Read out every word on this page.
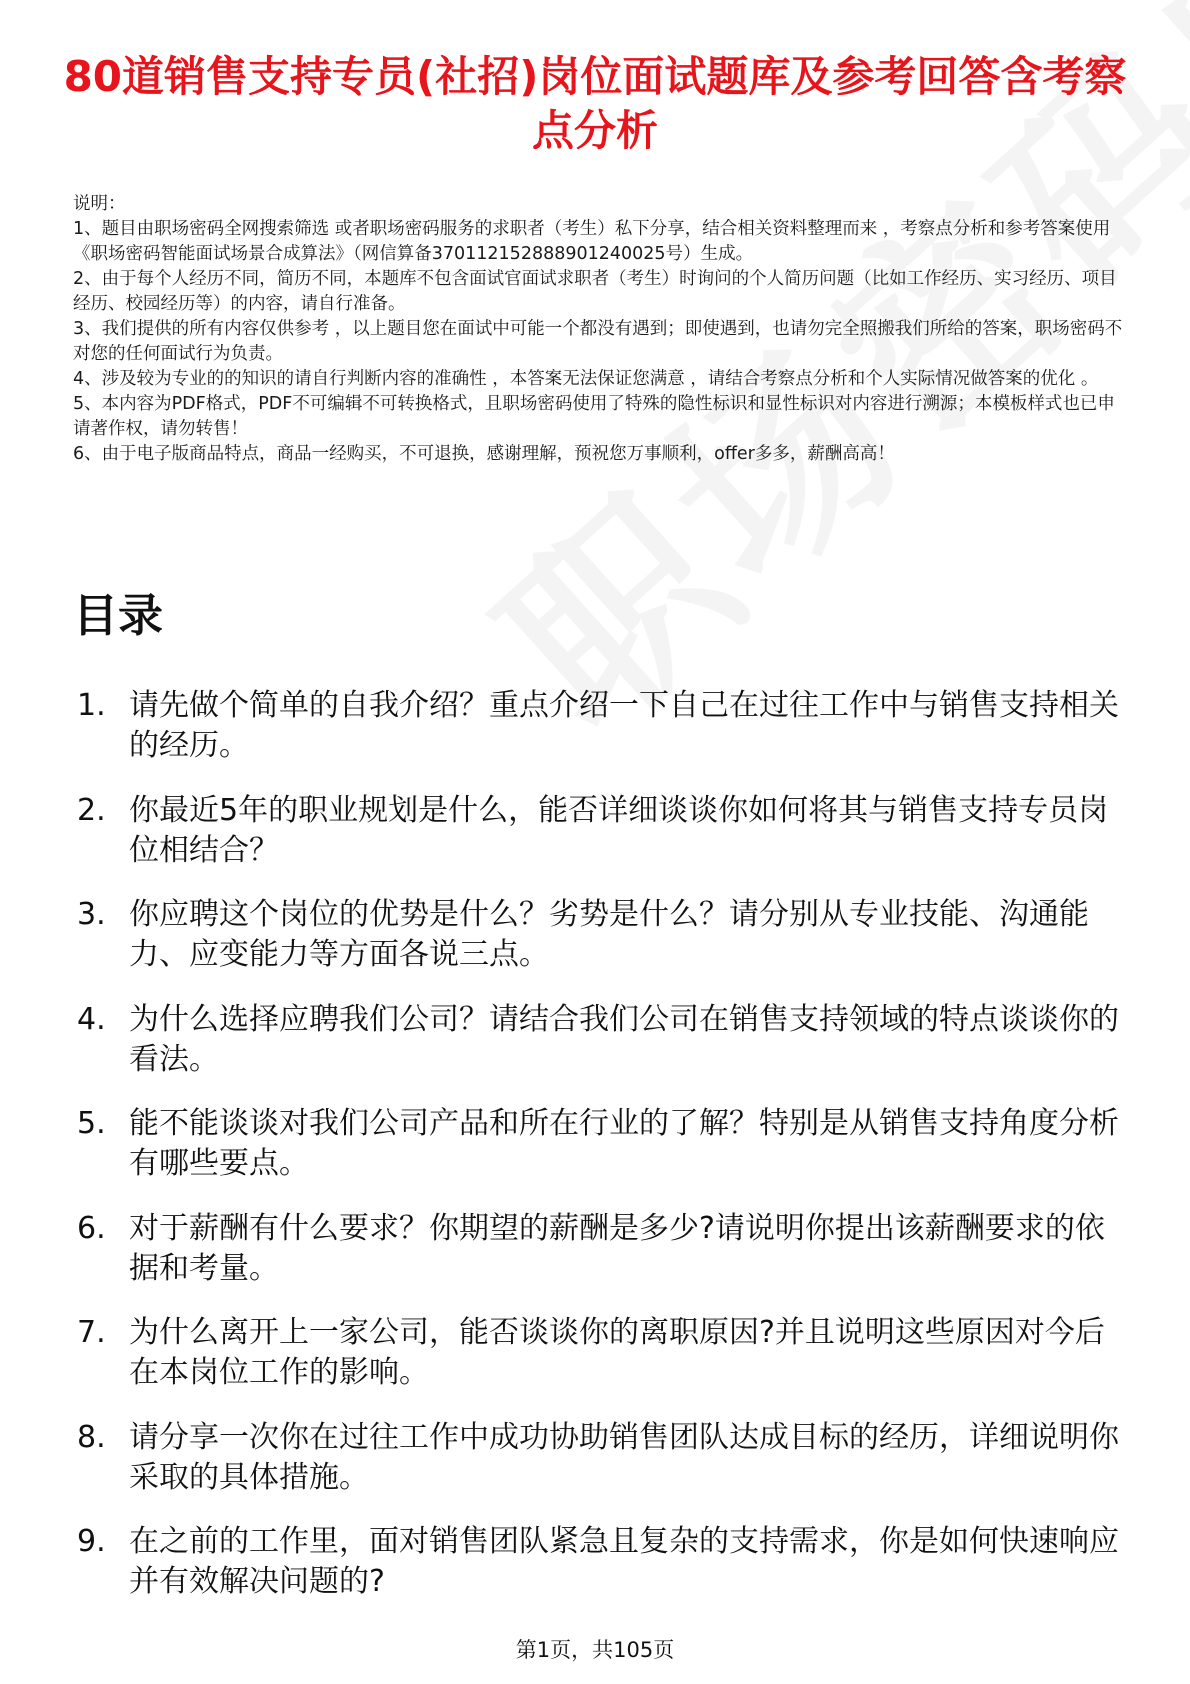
80道销售支持专员(社招)岗位面试题库及参考回答含考察点分析

说明：

1、题目由职场密码全网搜索筛选 或者职场密码服务的求职者（考生）私下分享，结合相关资料整理而来 ，考察点分析和参考答案使用《职场密码智能面试场景合成算法》（网信算备370112152888901240025号）生成。

2、由于每个人经历不同，简历不同，本题库不包含面试官面试求职者（考生）时询问的个人简历问题（比如工作经历、实习经历、项目经历、校园经历等）的内容，请自行准备。

3、我们提供的所有内容仅供参考 ，以上题目您在面试中可能一个都没有遇到；即使遇到，也请勿完全照搬我们所给的答案，职场密码不对您的任何面试行为负责。

4、涉及较为专业的的知识的请自行判断内容的准确性 ，本答案无法保证您满意 ，请结合考察点分析和个人实际情况做答案的优化 。

5、本内容为PDF格式，PDF不可编辑不可转换格式，且职场密码使用了特殊的隐性标识和显性标识对内容进行溯源；本模板样式也已申请著作权，请勿转售！

6、由于电子版商品特点，商品一经购买，不可退换，感谢理解，预祝您万事顺利，offer多多，薪酬高高！

目录
1. 请先做个简单的自我介绍？重点介绍一下自己在过往工作中与销售支持相关的经历。
2. 你最近5年的职业规划是什么，能否详细谈谈你如何将其与销售支持专员岗位相结合？
3. 你应聘这个岗位的优势是什么？劣势是什么？请分别从专业技能、沟通能力、应变能力等方面各说三点。
4. 为什么选择应聘我们公司？请结合我们公司在销售支持领域的特点谈谈你的看法。
5. 能不能谈谈对我们公司产品和所在行业的了解？特别是从销售支持角度分析有哪些要点。
6. 对于薪酬有什么要求？你期望的薪酬是多少?请说明你提出该薪酬要求的依据和考量。
7. 为什么离开上一家公司，能否谈谈你的离职原因?并且说明这些原因对今后在本岗位工作的影响。
8. 请分享一次你在过往工作中成功协助销售团队达成目标的经历，详细说明你采取的具体措施。
9. 在之前的工作里，面对销售团队紧急且复杂的支持需求，你是如何快速响应并有效解决问题的?
第1页，共105页
